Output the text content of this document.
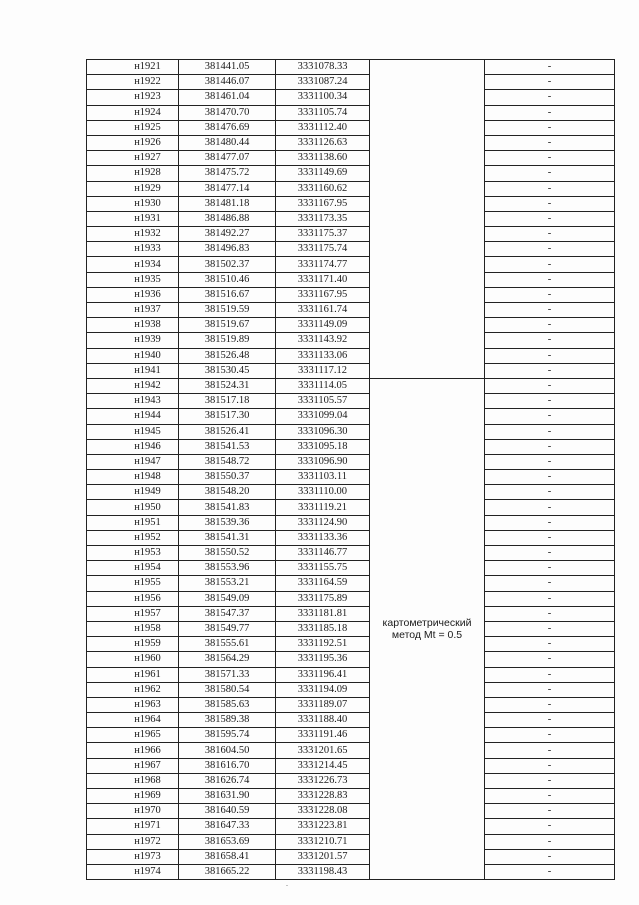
н1921	381441.05	3331078.33		-
н1922	381446.07	3331087.24		-
н1923	381461.04	3331100.34		-
н1924	381470.70	3331105.74		-
н1925	381476.69	3331112.40		-
н1926	381480.44	3331126.63		-
н1927	381477.07	3331138.60		-
н1928	381475.72	3331149.69		-
н1929	381477.14	3331160.62		-
н1930	381481.18	3331167.95		-
н1931	381486.88	3331173.35		-
н1932	381492.27	3331175.37		-
н1933	381496.83	3331175.74		-
н1934	381502.37	3331174.77		-
н1935	381510.46	3331171.40		-
н1936	381516.67	3331167.95		-
н1937	381519.59	3331161.74		-
н1938	381519.67	3331149.09		-
н1939	381519.89	3331143.92		-
н1940	381526.48	3331133.06		-
н1941	381530.45	3331117.12		-
н1942	381524.31	3331114.05	картометрический
метод Mt = 0.5	-
н1943	381517.18	3331105.57		-
н1944	381517.30	3331099.04		-
н1945	381526.41	3331096.30		-
н1946	381541.53	3331095.18		-
н1947	381548.72	3331096.90		-
н1948	381550.37	3331103.11		-
н1949	381548.20	3331110.00		-
н1950	381541.83	3331119.21		-
н1951	381539.36	3331124.90		-
н1952	381541.31	3331133.36		-
н1953	381550.52	3331146.77		-
н1954	381553.96	3331155.75		-
н1955	381553.21	3331164.59		-
н1956	381549.09	3331175.89		-
н1957	381547.37	3331181.81		-
н1958	381549.77	3331185.18		-
н1959	381555.61	3331192.51		-
н1960	381564.29	3331195.36		-
н1961	381571.33	3331196.41		-
н1962	381580.54	3331194.09		-
н1963	381585.63	3331189.07		-
н1964	381589.38	3331188.40		-
н1965	381595.74	3331191.46		-
н1966	381604.50	3331201.65		-
н1967	381616.70	3331214.45		-
н1968	381626.74	3331226.73		-
н1969	381631.90	3331228.83		-
н1970	381640.59	3331228.08		-
н1971	381647.33	3331223.81		-
н1972	381653.69	3331210.71		-
н1973	381658.41	3331201.57		-
н1974	381665.22	3331198.43		-
.
